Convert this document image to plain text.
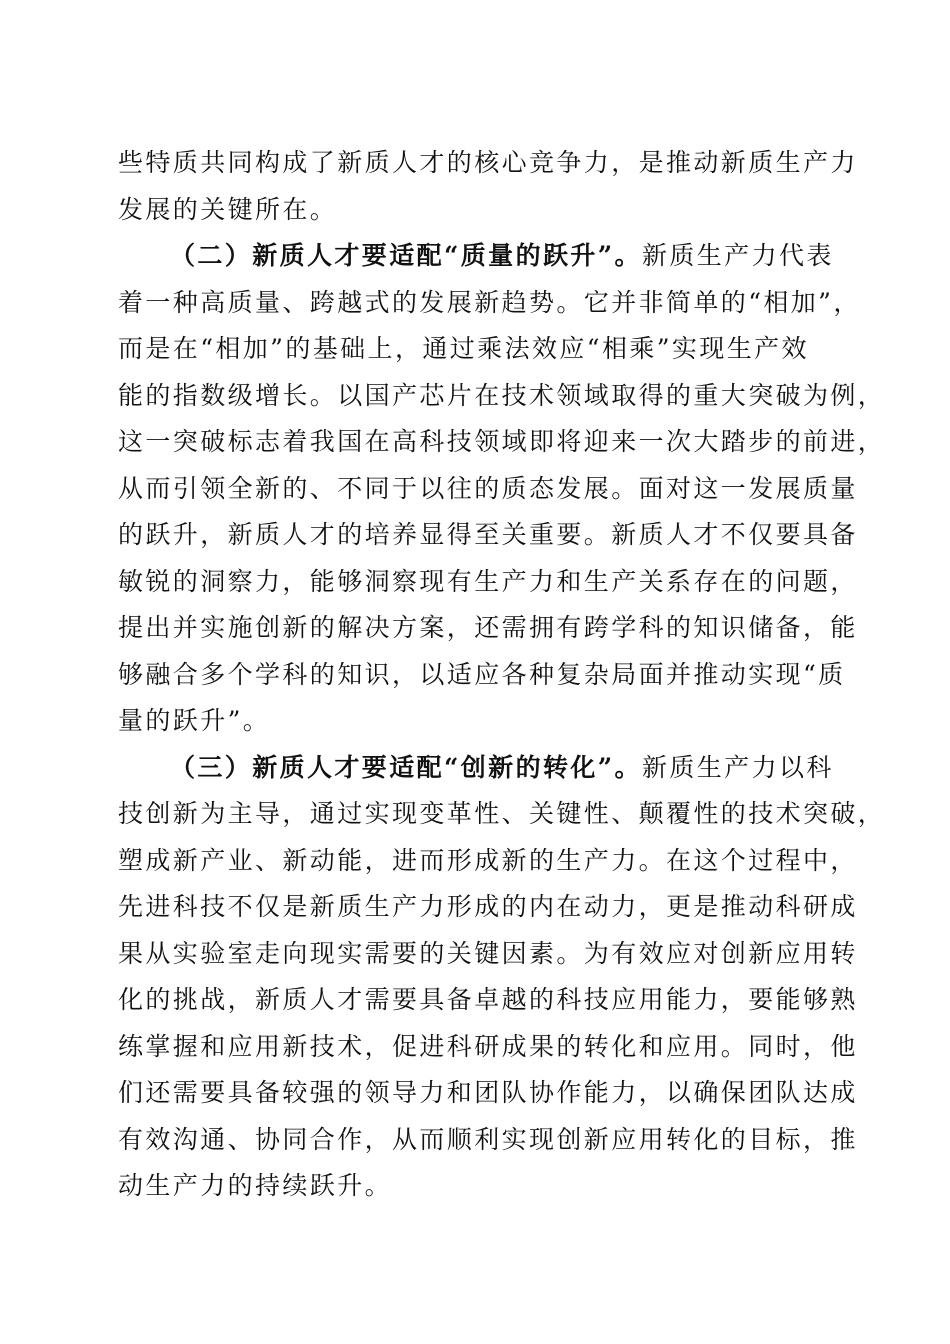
些特质共同构成了新质人才的核心竞争力，是推动新质生产力
发展的关键所在。
（二）新质人才要适配“质量的跃升”。新质生产力代表
着一种高质量、跨越式的发展新趋势。它并非简单的“相加”，
而是在“相加”的基础上，通过乘法效应“相乘”实现生产效
能的指数级增长。以国产芯片在技术领域取得的重大突破为例，
这一突破标志着我国在高科技领域即将迎来一次大踏步的前进，
从而引领全新的、不同于以往的质态发展。面对这一发展质量
的跃升，新质人才的培养显得至关重要。新质人才不仅要具备
敏锐的洞察力，能够洞察现有生产力和生产关系存在的问题，
提出并实施创新的解决方案，还需拥有跨学科的知识储备，能
够融合多个学科的知识，以适应各种复杂局面并推动实现“质
量的跃升”。
（三）新质人才要适配“创新的转化”。新质生产力以科
技创新为主导，通过实现变革性、关键性、颠覆性的技术突破，
塑成新产业、新动能，进而形成新的生产力。在这个过程中，
先进科技不仅是新质生产力形成的内在动力，更是推动科研成
果从实验室走向现实需要的关键因素。为有效应对创新应用转
化的挑战，新质人才需要具备卓越的科技应用能力，要能够熟
练掌握和应用新技术，促进科研成果的转化和应用。同时，他
们还需要具备较强的领导力和团队协作能力，以确保团队达成
有效沟通、协同合作，从而顺利实现创新应用转化的目标，推
动生产力的持续跃升。
